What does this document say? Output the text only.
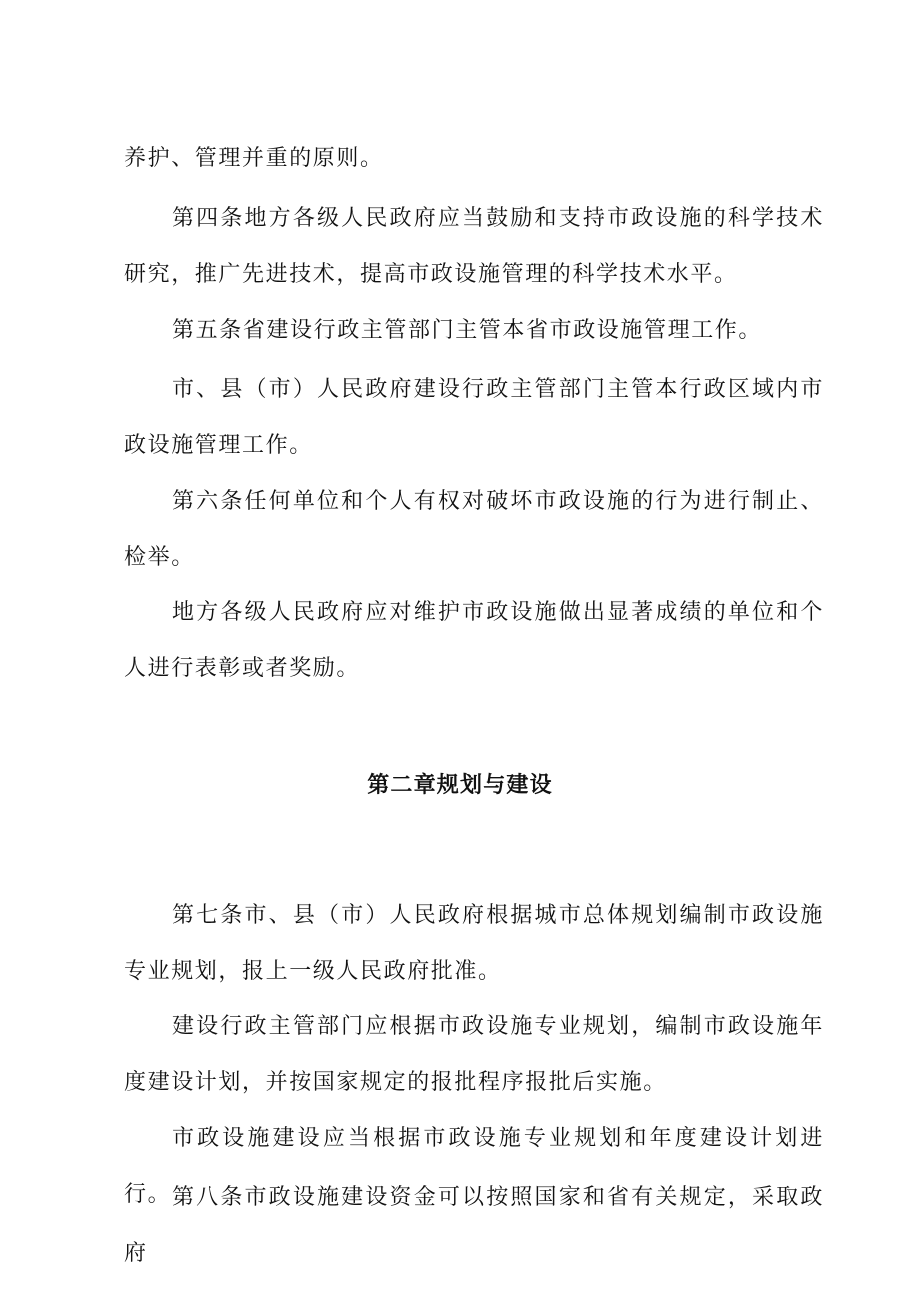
养护、管理并重的原则。

第四条地方各级人民政府应当鼓励和支持市政设施的科学技术研究，推广先进技术，提高市政设施管理的科学技术水平。

第五条省建设行政主管部门主管本省市政设施管理工作。

市、县（市）人民政府建设行政主管部门主管本行政区域内市政设施管理工作。

第六条任何单位和个人有权对破坏市政设施的行为进行制止、检举。

地方各级人民政府应对维护市政设施做出显著成绩的单位和个人进行表彰或者奖励。

第二章规划与建设

第七条市、县（市）人民政府根据城市总体规划编制市政设施专业规划，报上一级人民政府批准。

建设行政主管部门应根据市政设施专业规划，编制市政设施年度建设计划，并按国家规定的报批程序报批后实施。

市政设施建设应当根据市政设施专业规划和年度建设计划进行。 第八条市政设施建设资金可以按照国家和省有关规定，采取政府
